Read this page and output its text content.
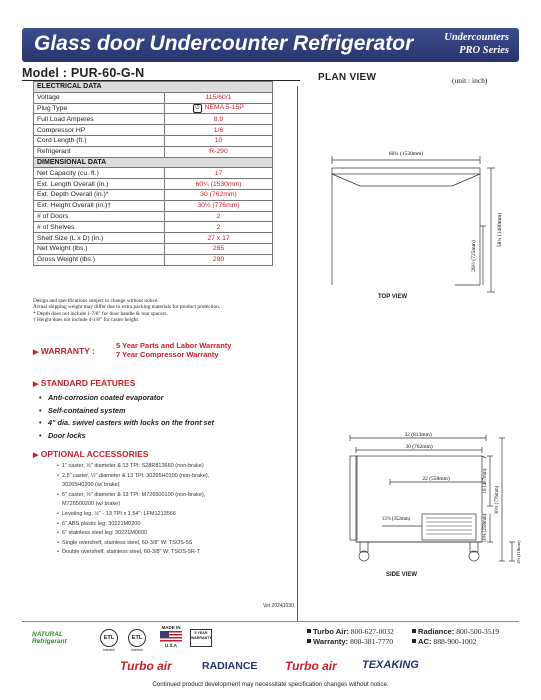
Glass door Undercounter Refrigerator	Undercounters
PRO Series
Model : PUR-60-G-N	PLAN VIEW	(unit : inch)
ELECTRICAL DATA	
Voltage	115/60/1
Plug Type	⏻ NEMA 5-15P
Full Load Amperes	8.9
Compressor HP	1/6
Cord Length (ft.)	10
Refrigerant	R-290
DIMENSIONAL DATA	
Net Capacity (cu. ft.)	17
Ext. Length Overall (in.)	60¼ (1530mm)
Ext. Depth Overall (in.)*	30 (762mm)
Ext. Height Overall (in.)†	30½ (776mm)
# of Doors	2
# of Shelves	2
Shelf Size (L x D) (in.)	27 x 17
Net Weight (lbs.)	265
Gross Weight (lbs.)	290
Design and specifications subject to change without notice.
Actual shipping weight may differ due to extra packing materials for product protection.
* Depth does not include 1-7/8" for door handle & rear spacers.
† Height does not include 4-1/8" for caster height.
▶ WARRANTY :
5 Year Parts and Labor Warranty
7 Year Compressor Warranty
▶ STANDARD FEATURES
• Anti-corrosion coated evaporator
• Self-contained system
• 4" dia. swivel casters with locks on the front set
• Door locks
▶ OPTIONAL ACCESSORIES
• 1" caster, ½" diameter & 13 TPI: S28R813660 (non-brake)
• 2.5" caster, ½" diameter & 13 TPI: 30265H0100 (non-brake),
30265H0200 (w/ brake)
• 5" caster, ½" diameter & 13 TPI: M726500100 (non-brake),
M726500200 (w/ brake)
• Leveling leg, ½" - 13 TPI x 1.54": LFM1213566
• 6" ABS plastic leg: 30221M0200
• 6" stainless steel leg: 30221M0600
• Single overshelf, stainless steel, 60-3/8" W: TSOS-5S
• Double overshelf, stainless steel, 60-3/8" W: TSOS-5R-T
Ver.20241030
60¼ (1530mm)
58¼ (1480mm)
28½ (725mm)
TOP VIEW
32 (813mm)
30 (762mm)
22 (558mm)
13⅞ (352mm)
16 (407mm)
30½ (776mm)
10⅛ (258mm)
4½ (110mm)
SIDE VIEW
NATURAL
Refrigerant	ETL
Intertek
ETL
Intertek
MADE IN
U.S.A
5 YEAR
WARRANTY
Turbo Air: 800-627-0032
Warranty: 800-381-7770
Radiance: 800-500-3519
AC: 888-900-1002
Turbo air	RADIANCE Turbo air TEXAKING
Continued product development may necessitate specification changes without notice.
